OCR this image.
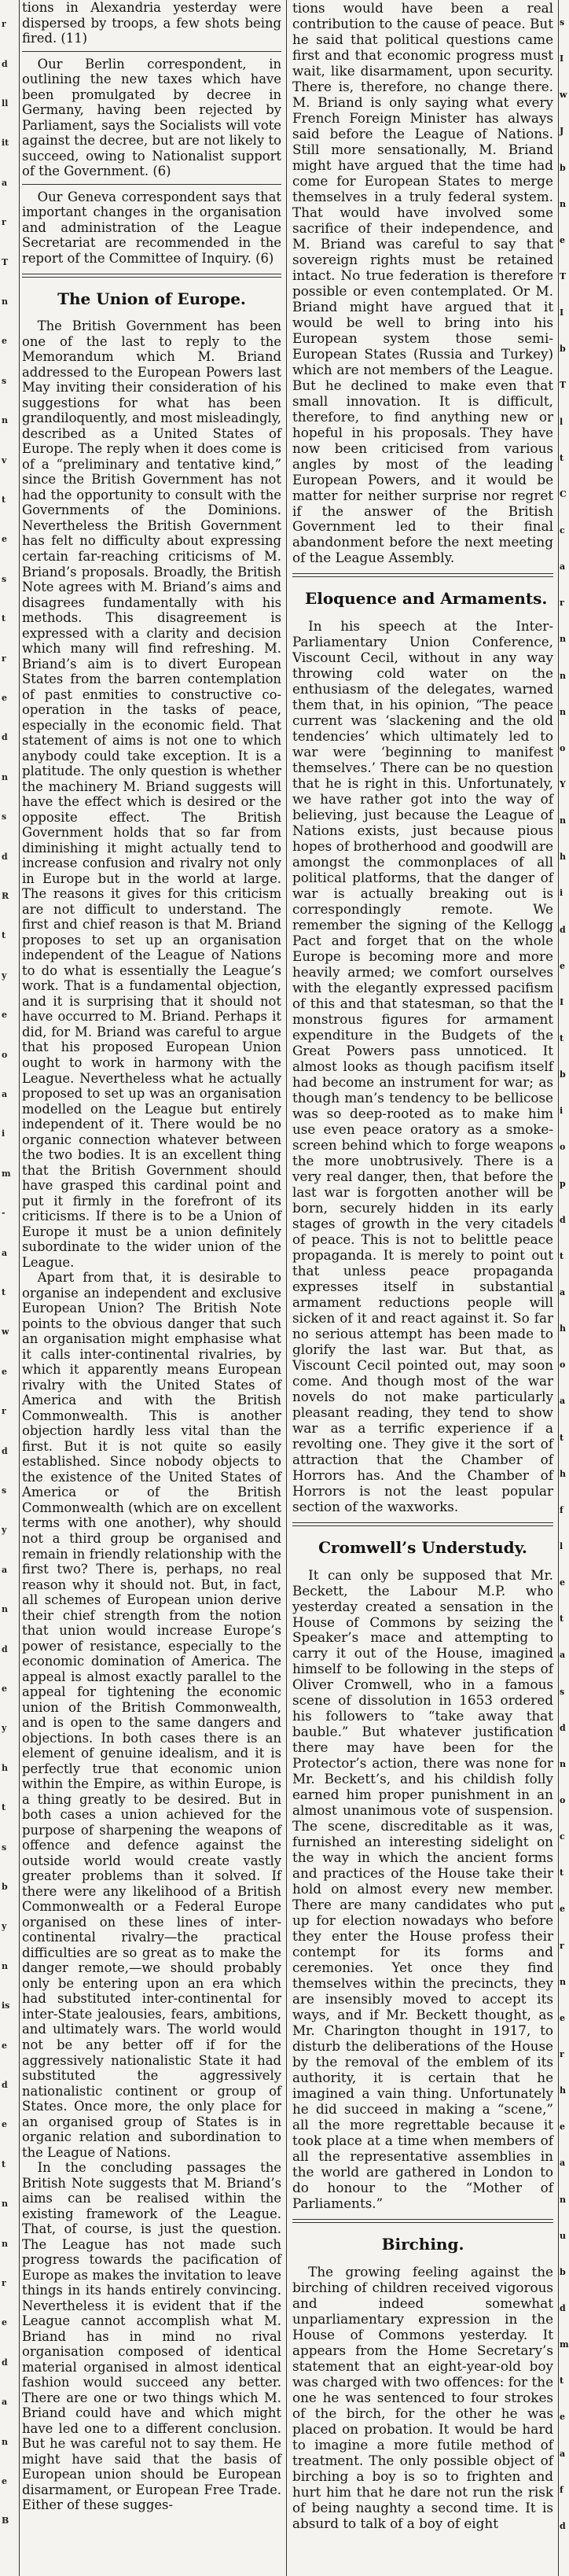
r
d
ll
it
a
r
T
n
e
s
n
v
t
e
s
t
r
e
d
n
s
d
R
t
y
e
o
a
i
m
-
a
t
w
e
r
d
s
y
a
n
d
e
y
h
t
s
b
y
n
is
e
d
e
t
n
n
r
e
d
a
n
e
B

tions in Alexandria yesterday were dispersed by troops, a few shots being fired. (11)

Our Berlin correspondent, in outlining the new taxes which have been promulgated by decree in Germany, having been rejected by Parliament, says the Socialists will vote against the decree, but are not likely to succeed, owing to Nationalist support of the Government. (6)

Our Geneva correspondent says that important changes in the organisation and administration of the League Secretariat are recommended in the report of the Committee of Inquiry. (6)

The Union of Europe.

The British Government has been one of the last to reply to the Memorandum which M. Briand addressed to the European Powers last May inviting their consideration of his suggestions for what has been grandiloquently, and most misleadingly, described as a United States of Europe. The reply when it does come is of a “preliminary and tentative kind,” since the British Government has not had the opportunity to consult with the Governments of the Dominions. Nevertheless the British Government has felt no difficulty about expressing certain far-reaching criticisms of M. Briand’s proposals. Broadly, the British Note agrees with M. Briand’s aims and disagrees fundamentally with his methods. This disagreement is expressed with a clarity and decision which many will find refreshing. M. Briand’s aim is to divert European States from the barren contemplation of past enmities to constructive co-operation in the tasks of peace, especially in the economic field. That statement of aims is not one to which anybody could take exception. It is a platitude. The only question is whether the machinery M. Briand suggests will have the effect which is desired or the opposite effect. The British Government holds that so far from diminishing it might actually tend to increase confusion and rivalry not only in Europe but in the world at large. The reasons it gives for this criticism are not difficult to understand. The first and chief reason is that M. Briand proposes to set up an organisation independent of the League of Nations to do what is essentially the League’s work. That is a fundamental objection, and it is surprising that it should not have occurred to M. Briand. Perhaps it did, for M. Briand was careful to argue that his proposed European Union ought to work in harmony with the League. Nevertheless what he actually proposed to set up was an organisation modelled on the League but entirely independent of it. There would be no organic connection whatever between the two bodies. It is an excellent thing that the British Government should have grasped this cardinal point and put it firmly in the forefront of its criticisms. If there is to be a Union of Europe it must be a union definitely subordinate to the wider union of the League.

Apart from that, it is desirable to organise an independent and exclusive European Union? The British Note points to the obvious danger that such an organisation might emphasise what it calls inter-continental rivalries, by which it apparently means European rivalry with the United States of America and with the British Commonwealth. This is another objection hardly less vital than the first. But it is not quite so easily established. Since nobody objects to the existence of the United States of America or of the British Commonwealth (which are on excellent terms with one another), why should not a third group be organised and remain in friendly relationship with the first two? There is, perhaps, no real reason why it should not. But, in fact, all schemes of European union derive their chief strength from the notion that union would increase Europe’s power of resistance, especially to the economic domination of America. The appeal is almost exactly parallel to the appeal for tightening the economic union of the British Commonwealth, and is open to the same dangers and objections. In both cases there is an element of genuine idealism, and it is perfectly true that economic union within the Empire, as within Europe, is a thing greatly to be desired. But in both cases a union achieved for the purpose of sharpening the weapons of offence and defence against the outside world would create vastly greater problems than it solved. If there were any likelihood of a British Commonwealth or a Federal Europe organised on these lines of inter-continental rivalry—the practical difficulties are so great as to make the danger remote,—we should probably only be entering upon an era which had substituted inter-continental for inter-State jealousies, fears, ambitions, and ultimately wars. The world would not be any better off if for the aggressively nationalistic State it had substituted the aggressively nationalistic continent or group of States. Once more, the only place for an organised group of States is in organic relation and subordination to the League of Nations.

In the concluding passages the British Note suggests that M. Briand’s aims can be realised within the existing framework of the League. That, of course, is just the question. The League has not made such progress towards the pacification of Europe as makes the invitation to leave things in its hands entirely convincing. Nevertheless it is evident that if the League cannot accomplish what M. Briand has in mind no rival organisation composed of identical material organised in almost identical fashion would succeed any better. There are one or two things which M. Briand could have and which might have led one to a different conclusion. But he was careful not to say them. He might have said that the basis of European union should be European disarmament, or European Free Trade. Either of these sugges-

tions would have been a real contribution to the cause of peace. But he said that political questions came first and that economic progress must wait, like disarmament, upon security. There is, therefore, no change there. M. Briand is only saying what every French Foreign Minister has always said before the League of Nations. Still more sensationally, M. Briand might have argued that the time had come for European States to merge themselves in a truly federal system. That would have involved some sacrifice of their independence, and M. Briand was careful to say that sovereign rights must be retained intact. No true federation is therefore possible or even contemplated. Or M. Briand might have argued that it would be well to bring into his European system those semi-European States (Russia and Turkey) which are not members of the League. But he declined to make even that small innovation. It is difficult, therefore, to find anything new or hopeful in his proposals. They have now been criticised from various angles by most of the leading European Powers, and it would be matter for neither surprise nor regret if the answer of the British Government led to their final abandonment before the next meeting of the League Assembly.

Eloquence and Armaments.

In his speech at the Inter-Parliamentary Union Conference, Viscount Cecil, without in any way throwing cold water on the enthusiasm of the delegates, warned them that, in his opinion, “The peace current was ‘slackening and the old tendencies’ which ultimately led to war were ‘beginning to manifest themselves.’ There can be no question that he is right in this. Unfortunately, we have rather got into the way of believing, just because the League of Nations exists, just because pious hopes of brotherhood and goodwill are amongst the commonplaces of all political platforms, that the danger of war is actually breaking out is correspondingly remote. We remember the signing of the Kellogg Pact and forget that on the whole Europe is becoming more and more heavily armed; we comfort ourselves with the elegantly expressed pacifism of this and that statesman, so that the monstrous figures for armament expenditure in the Budgets of the Great Powers pass unnoticed. It almost looks as though pacifism itself had become an instrument for war; as though man’s tendency to be bellicose was so deep-rooted as to make him use even peace oratory as a smoke-screen behind which to forge weapons the more unobtrusively. There is a very real danger, then, that before the last war is forgotten another will be born, securely hidden in its early stages of growth in the very citadels of peace. This is not to belittle peace propaganda. It is merely to point out that unless peace propaganda expresses itself in substantial armament reductions people will sicken of it and react against it. So far no serious attempt has been made to glorify the last war. But that, as Viscount Cecil pointed out, may soon come. And though most of the war novels do not make particularly pleasant reading, they tend to show war as a terrific experience if a revolting one. They give it the sort of attraction that the Chamber of Horrors has. And the Chamber of Horrors is not the least popular section of the waxworks.

Cromwell’s Understudy.

It can only be supposed that Mr. Beckett, the Labour M.P. who yesterday created a sensation in the House of Commons by seizing the Speaker’s mace and attempting to carry it out of the House, imagined himself to be following in the steps of Oliver Cromwell, who in a famous scene of dissolution in 1653 ordered his followers to “take away that bauble.” But whatever justification there may have been for the Protector’s action, there was none for Mr. Beckett’s, and his childish folly earned him proper punishment in an almost unanimous vote of suspension. The scene, discreditable as it was, furnished an interesting sidelight on the way in which the ancient forms and practices of the House take their hold on almost every new member. There are many candidates who put up for election nowadays who before they enter the House profess their contempt for its forms and ceremonies. Yet once they find themselves within the precincts, they are insensibly moved to accept its ways, and if Mr. Beckett thought, as Mr. Charington thought in 1917, to disturb the deliberations of the House by the removal of the emblem of its authority, it is certain that he imagined a vain thing. Unfortunately he did succeed in making a “scene,” all the more regrettable because it took place at a time when members of all the representative assemblies in the world are gathered in London to do honour to the “Mother of Parliaments.”

Birching.

The growing feeling against the birching of children received vigorous and indeed somewhat unparliamentary expression in the House of Commons yesterday. It appears from the Home Secretary’s statement that an eight-year-old boy was charged with two offences: for the one he was sentenced to four strokes of the birch, for the other he was placed on probation. It would be hard to imagine a more futile method of treatment. The only possible object of birching a boy is so to frighten and hurt him that he dare not run the risk of being naughty a second time. It is absurd to talk of a boy of eight

s
I
w
J
b
n
e
T
I
b
T
l
t
C
c
a
r
n
n
n
o
Y
n
h
i
d
e
I
t
b
i
o
p
d
t
a
h
o
a
t
h
f
l
e
t
a
s
d
n
o
c
t
e
r
n
e
r
h
e
a
n
u
b
d
m
t
e
a
f
d
